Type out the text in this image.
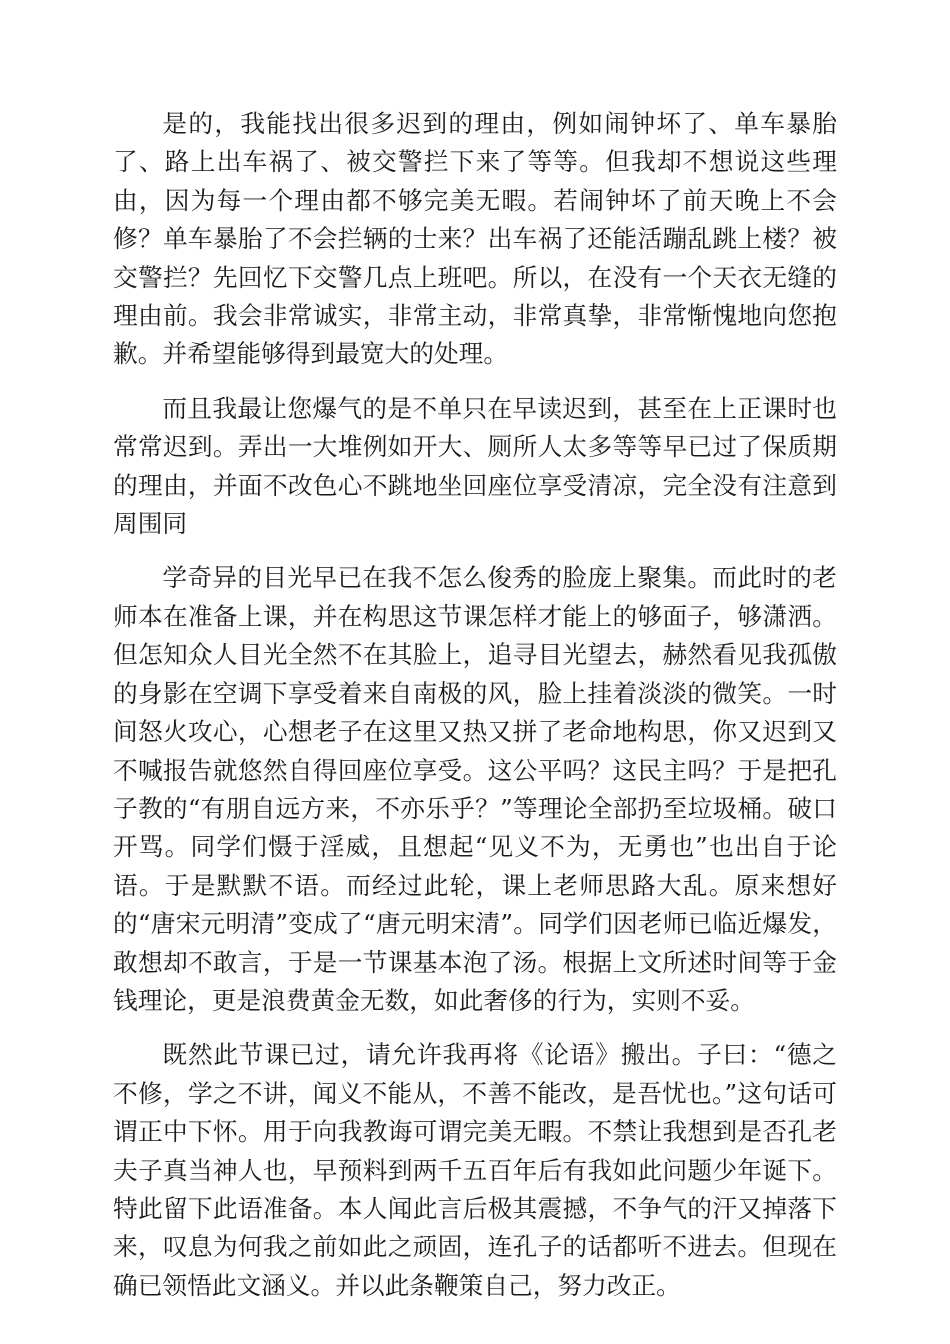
是的，我能找出很多迟到的理由，例如闹钟坏了、单车暴胎了、路上出车祸了、被交警拦下来了等等。但我却不想说这些理由，因为每一个理由都不够完美无暇。若闹钟坏了前天晚上不会修？单车暴胎了不会拦辆的士来？出车祸了还能活蹦乱跳上楼？被交警拦？先回忆下交警几点上班吧。所以，在没有一个天衣无缝的理由前。我会非常诚实，非常主动，非常真挚，非常惭愧地向您抱歉。并希望能够得到最宽大的处理。

而且我最让您爆气的是不单只在早读迟到，甚至在上正课时也常常迟到。弄出一大堆例如开大、厕所人太多等等早已过了保质期的理由，并面不改色心不跳地坐回座位享受清凉，完全没有注意到周围同

学奇异的目光早已在我不怎么俊秀的脸庞上聚集。而此时的老师本在准备上课，并在构思这节课怎样才能上的够面子，够潇洒。但怎知众人目光全然不在其脸上，追寻目光望去，赫然看见我孤傲的身影在空调下享受着来自南极的风，脸上挂着淡淡的微笑。一时间怒火攻心，心想老子在这里又热又拼了老命地构思，你又迟到又不喊报告就悠然自得回座位享受。这公平吗？这民主吗？于是把孔子教的“有朋自远方来，不亦乐乎？”等理论全部扔至垃圾桶。破口开骂。同学们慑于淫威，且想起“见义不为，无勇也”也出自于论语。于是默默不语。而经过此轮，课上老师思路大乱。原来想好的“唐宋元明清”变成了“唐元明宋清”。同学们因老师已临近爆发，敢想却不敢言，于是一节课基本泡了汤。根据上文所述时间等于金钱理论，更是浪费黄金无数，如此奢侈的行为，实则不妥。

既然此节课已过，请允许我再将《论语》搬出。子曰：“德之不修，学之不讲，闻义不能从，不善不能改，是吾忧也。”这句话可谓正中下怀。用于向我教诲可谓完美无暇。不禁让我想到是否孔老夫子真当神人也，早预料到两千五百年后有我如此问题少年诞下。特此留下此语准备。本人闻此言后极其震撼，不争气的汗又掉落下来，叹息为何我之前如此之顽固，连孔子的话都听不进去。但现在确已领悟此文涵义。并以此条鞭策自己，努力改正。
